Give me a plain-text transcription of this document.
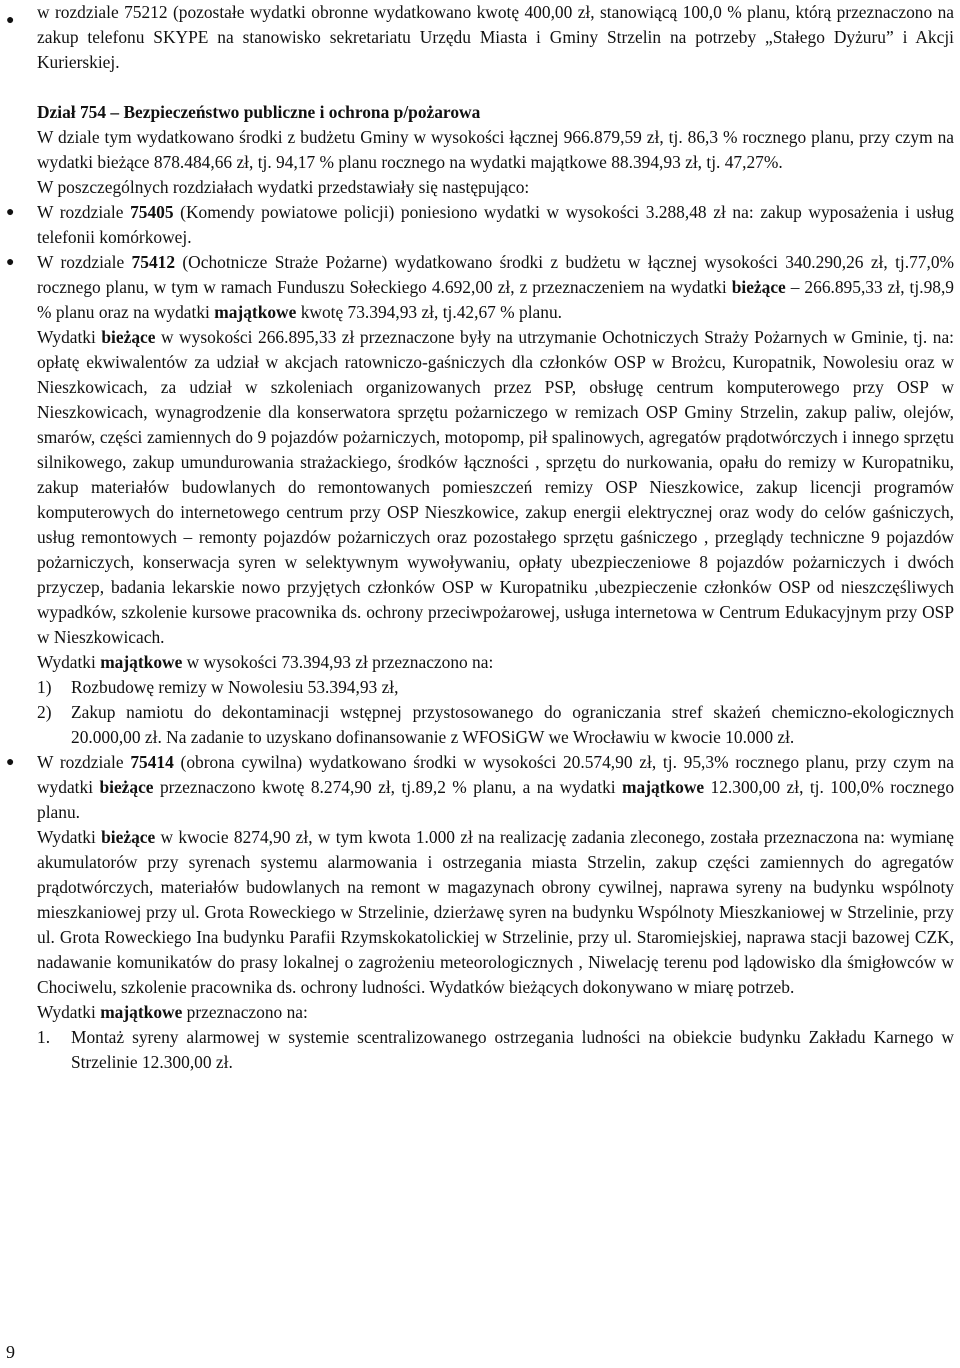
● w rozdziale 75212 (pozostałe wydatki obronne wydatkowano kwotę 400,00 zł, stanowiącą 100,0 % planu, którą przeznaczono na zakup telefonu SKYPE na stanowisko sekretariatu Urzędu Miasta i Gminy Strzelin na potrzeby „Stałego Dyżuru” i Akcji Kurierskiej.

Dział 754 – Bezpieczeństwo publiczne i ochrona p/pożarowa

W dziale tym wydatkowano środki z budżetu Gminy w wysokości łącznej 966.879,59 zł, tj. 86,3 % rocznego planu, przy czym na wydatki bieżące 878.484,66 zł, tj. 94,17 % planu rocznego na wydatki majątkowe 88.394,93 zł, tj. 47,27%.

W poszczególnych rozdziałach wydatki przedstawiały się następująco:

● W rozdziale 75405 (Komendy powiatowe policji) poniesiono wydatki w wysokości 3.288,48 zł na: zakup wyposażenia i usług telefonii komórkowej.

● W rozdziale 75412 (Ochotnicze Straże Pożarne) wydatkowano środki z budżetu w łącznej wysokości 340.290,26 zł, tj.77,0% rocznego planu, w tym w ramach Funduszu Sołeckiego 4.692,00 zł, z przeznaczeniem na wydatki bieżące – 266.895,33 zł, tj.98,9 % planu oraz na wydatki majątkowe kwotę 73.394,93 zł, tj.42,67 % planu.

Wydatki bieżące w wysokości 266.895,33 zł przeznaczone były na utrzymanie Ochotniczych Straży Pożarnych w Gminie, tj. na: opłatę ekwiwalentów za udział w akcjach ratowniczo-gaśniczych dla członków OSP w Brożcu, Kuropatnik, Nowolesiu oraz w Nieszkowicach, za udział w szkoleniach organizowanych przez PSP, obsługę centrum komputerowego przy OSP w Nieszkowicach, wynagrodzenie dla konserwatora sprzętu pożarniczego w remizach OSP Gminy Strzelin, zakup paliw, olejów, smarów, części zamiennych do 9 pojazdów pożarniczych, motopomp, pił spalinowych, agregatów prądotwórczych i innego sprzętu silnikowego, zakup umundurowania strażackiego, środków łączności , sprzętu do nurkowania, opału do remizy w Kuropatniku, zakup materiałów budowlanych do remontowanych pomieszczeń remizy OSP Nieszkowice, zakup licencji programów komputerowych do internetowego centrum przy OSP Nieszkowice, zakup energii elektrycznej oraz wody do celów gaśniczych, usług remontowych – remonty pojazdów pożarniczych oraz pozostałego sprzętu gaśniczego , przeglądy techniczne 9 pojazdów pożarniczych, konserwacja syren w selektywnym wywoływaniu, opłaty ubezpieczeniowe 8 pojazdów pożarniczych i dwóch przyczep, badania lekarskie nowo przyjętych członków OSP w Kuropatniku ,ubezpieczenie członków OSP od nieszczęśliwych wypadków, szkolenie kursowe pracownika ds. ochrony przeciwpożarowej, usługa internetowa w Centrum Edukacyjnym przy OSP w Nieszkowicach.

Wydatki majątkowe w wysokości 73.394,93 zł przeznaczono na:

1) Rozbudowę remizy w Nowolesiu 53.394,93 zł,
2) Zakup namiotu do dekontaminacji wstępnej przystosowanego do ograniczania stref skażeń chemiczno-ekologicznych 20.000,00 zł. Na zadanie to uzyskano dofinansowanie z WFOSiGW we Wrocławiu w kwocie 10.000 zł.
● W rozdziale 75414 (obrona cywilna) wydatkowano środki w wysokości 20.574,90 zł, tj. 95,3% rocznego planu, przy czym na wydatki bieżące przeznaczono kwotę 8.274,90 zł, tj.89,2 % planu, a na wydatki majątkowe 12.300,00 zł, tj. 100,0% rocznego planu.

Wydatki bieżące w kwocie 8274,90 zł, w tym kwota 1.000 zł na realizację zadania zleconego, została przeznaczona na: wymianę akumulatorów przy syrenach systemu alarmowania i ostrzegania miasta Strzelin, zakup części zamiennych do agregatów prądotwórczych, materiałów budowlanych na remont w magazynach obrony cywilnej, naprawa syreny na budynku wspólnoty mieszkaniowej przy ul. Grota Roweckiego w Strzelinie, dzierżawę syren na budynku Wspólnoty Mieszkaniowej w Strzelinie, przy ul. Grota Roweckiego Ina budynku Parafii Rzymskokatolickiej w Strzelinie, przy ul. Staromiejskiej, naprawa stacji bazowej CZK, nadawanie komunikatów do prasy lokalnej o zagrożeniu meteorologicznych , Niwelację terenu pod lądowisko dla śmigłowców w Chociwelu, szkolenie pracownika ds. ochrony ludności. Wydatków bieżących dokonywano w miarę potrzeb.

Wydatki majątkowe przeznaczono na:

1. Montaż syreny alarmowej w systemie scentralizowanego ostrzegania ludności na obiekcie budynku Zakładu Karnego w Strzelinie 12.300,00 zł.
9
